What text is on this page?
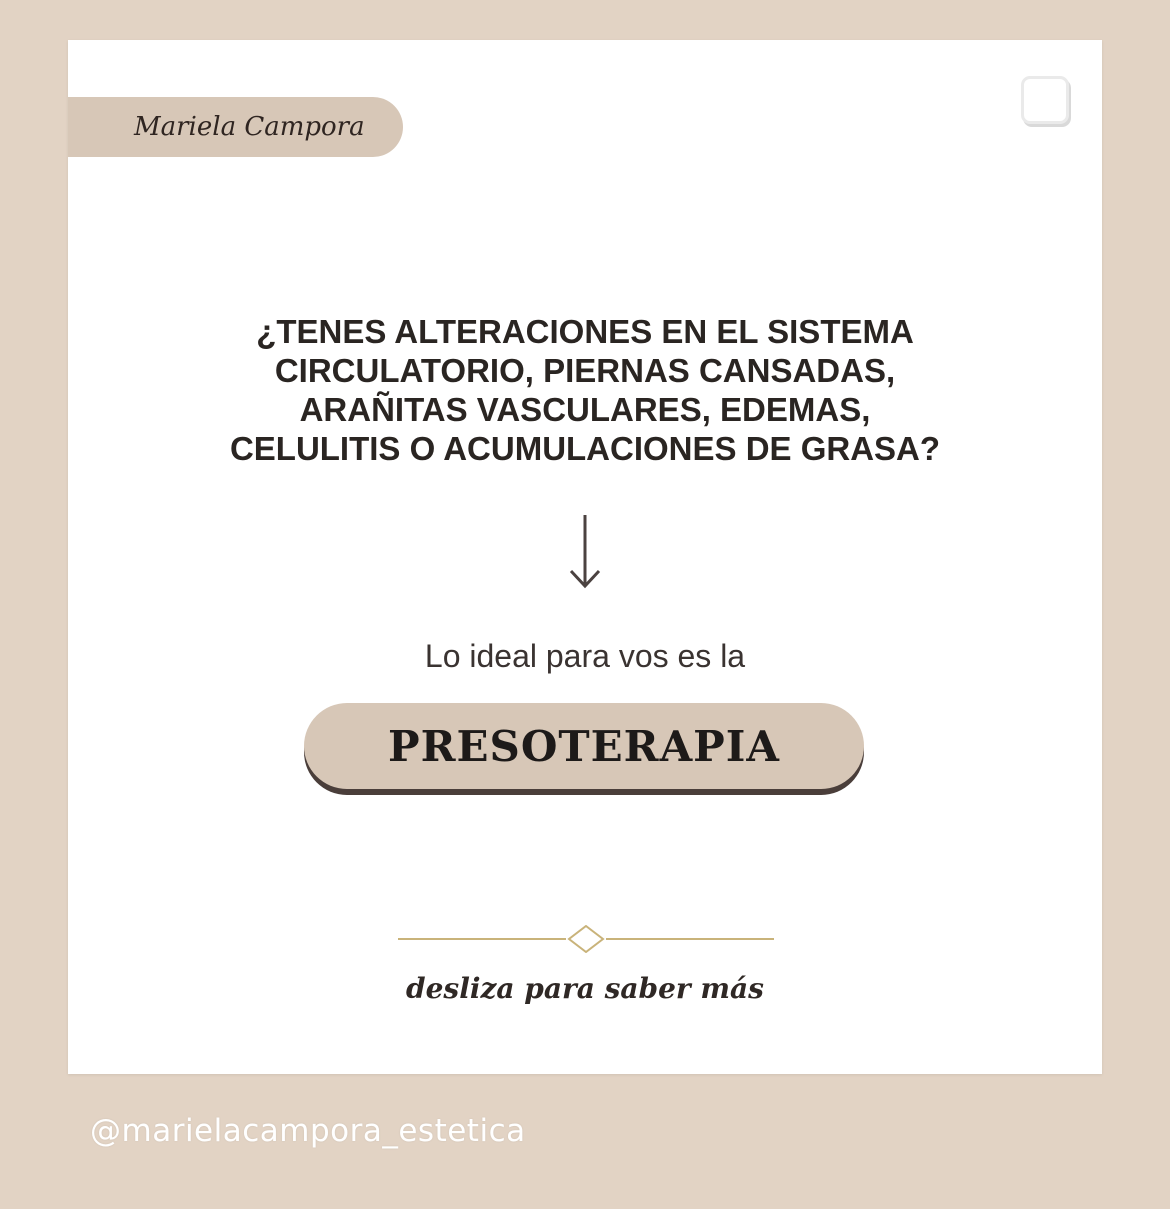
Mariela Campora
¿TENES ALTERACIONES EN EL SISTEMA
CIRCULATORIO, PIERNAS CANSADAS,
ARAÑITAS VASCULARES, EDEMAS,
CELULITIS O ACUMULACIONES DE GRASA?
Lo ideal para vos es la
PRESOTERAPIA
desliza para saber más
@marielacampora_estetica
